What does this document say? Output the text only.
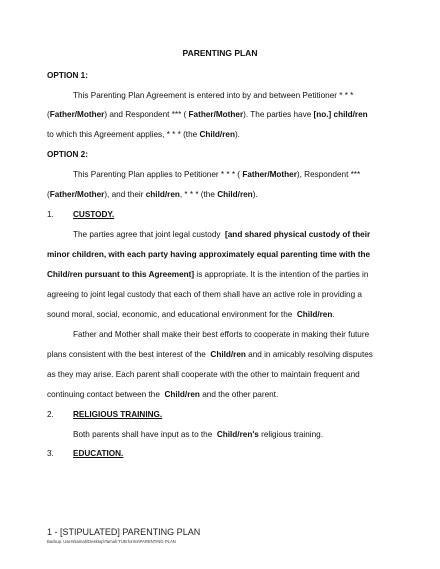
PARENTING PLAN
OPTION 1:
This Parenting Plan Agreement is entered into by and between Petitioner * * *
(Father/Mother) and Respondent *** ( Father/Mother). The parties have [no.] child/ren
to which this Agreement applies, * * * (the Child/ren).
OPTION 2:
This Parenting Plan applies to Petitioner * * * ( Father/Mother), Respondent ***
(Father/Mother), and their child/ren, * * * (the Child/ren).
1. CUSTODY.
The parties agree that joint legal custody [and shared physical custody of their
minor children, with each party having approximately equal parenting time with the
Child/ren pursuant to this Agreement] is appropriate. It is the intention of the parties in
agreeing to joint legal custody that each of them shall have an active role in providing a
sound moral, social, economic, and educational environment for the Child/ren.
Father and Mother shall make their best efforts to cooperate in making their future
plans consistent with the best interest of the Child/ren and in amicably resolving disputes
as they may arise. Each parent shall cooperate with the other to maintain frequent and
continuing contact between the Child/ren and the other parent.
2. RELIGIOUS TRAINING.
Both parents shall have input as to the Child/ren's religious training.
3. EDUCATION.
1 - [STIPULATED] PARENTING PLAN
Backup: Users\tamah\Desktop\Tamah TUB forms\PARENTING PLAN
